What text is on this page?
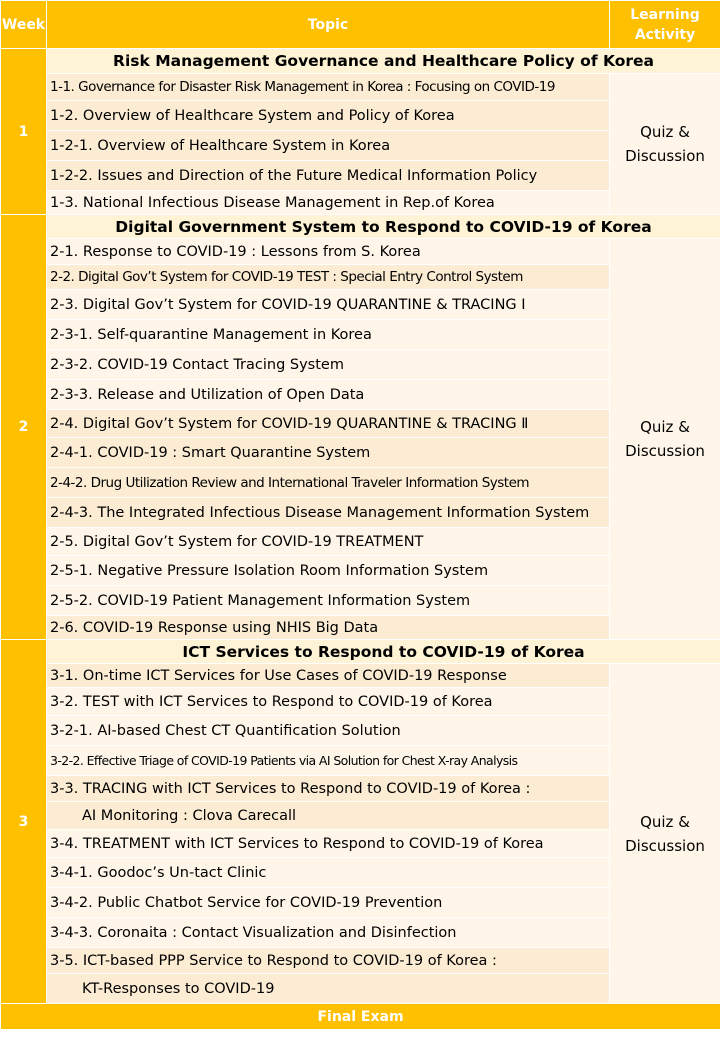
Week	Topic	Learning Activity
1	Risk Management Governance and Healthcare Policy of Korea	
	1-1. Governance for Disaster Risk Management in Korea : Focusing on COVID-19	Quiz & Discussion
	1-2. Overview of Healthcare System and Policy of Korea	
	1-2-1. Overview of Healthcare System in Korea	
	1-2-2. Issues and Direction of the Future Medical Information Policy	
	1-3. National Infectious Disease Management in Rep.of Korea	
2	Digital Government System to Respond to COVID-19 of Korea	
	2-1. Response to COVID-19 : Lessons from S. Korea	Quiz & Discussion
	2-2. Digital Gov’t System for COVID-19 TEST : Special Entry Control System	
	2-3. Digital Gov’t System for COVID-19 QUARANTINE & TRACING Ⅰ	
	2-3-1. Self-quarantine Management in Korea	
	2-3-2. COVID-19 Contact Tracing System	
	2-3-3. Release and Utilization of Open Data	
	2-4. Digital Gov’t System for COVID-19 QUARANTINE & TRACING Ⅱ	
	2-4-1. COVID-19 : Smart Quarantine System	
	2-4-2. Drug Utilization Review and International Traveler Information System	
	2-4-3. The Integrated Infectious Disease Management Information System	
	2-5. Digital Gov’t System for COVID-19 TREATMENT	
	2-5-1. Negative Pressure Isolation Room Information System	
	2-5-2. COVID-19 Patient Management Information System	
	2-6. COVID-19 Response using NHIS Big Data	
3	ICT Services to Respond to COVID-19 of Korea	
	3-1. On-time ICT Services for Use Cases of COVID-19 Response	Quiz & Discussion
	3-2. TEST with ICT Services to Respond to COVID-19 of Korea	
	3-2-1. AI-based Chest CT Quantification Solution	
	3-2-2. Effective Triage of COVID-19 Patients via AI Solution for Chest X-ray Analysis	
	3-3. TRACING with ICT Services to Respond to COVID-19 of Korea :	
	AI Monitoring : Clova Carecall	
	3-4. TREATMENT with ICT Services to Respond to COVID-19 of Korea	
	3-4-1. Goodoc’s Un-tact Clinic	
	3-4-2. Public Chatbot Service for COVID-19 Prevention	
	3-4-3. Coronaita : Contact Visualization and Disinfection	
	3-5. ICT-based PPP Service to Respond to COVID-19 of Korea :	
	KT-Responses to COVID-19	
Final Exam		
